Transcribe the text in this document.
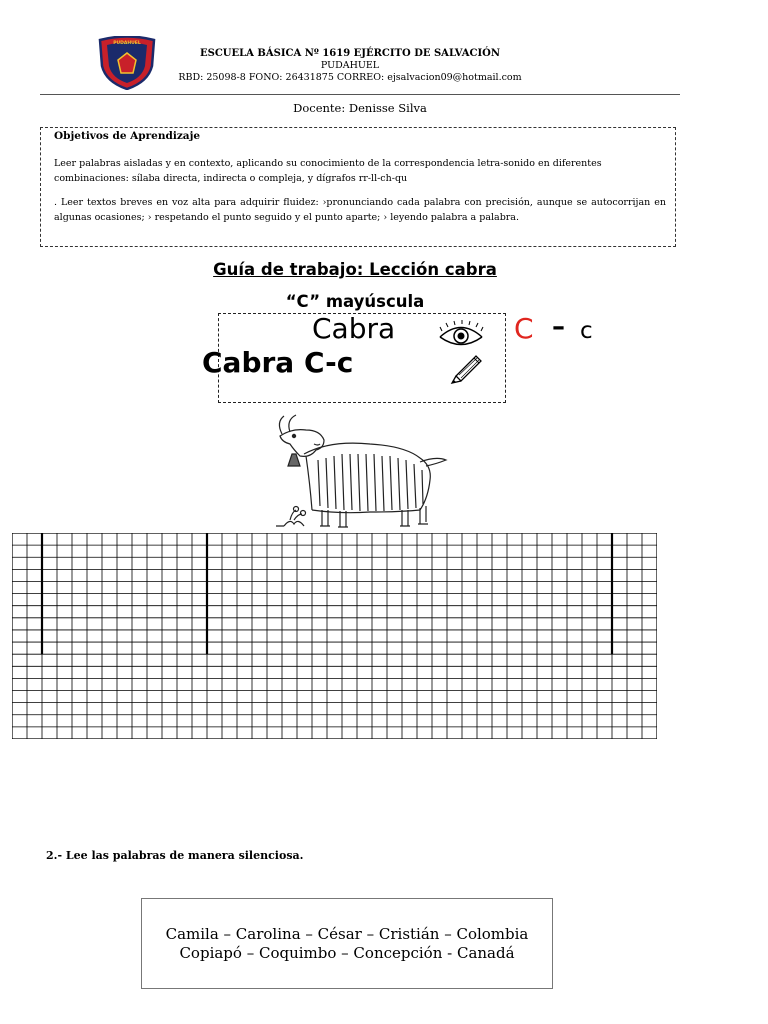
PUDAHUEL
ESCUELA BÁSICA Nº 1619 EJÉRCITO DE SALVACIÓN
PUDAHUEL
RBD: 25098-8 FONO: 26431875 CORREO: ejsalvacion09@hotmail.com
Docente: Denisse Silva
Objetivos de Aprendizaje
Leer palabras aisladas y en contexto, aplicando su conocimiento de la correspondencia letra-sonido en diferentes combinaciones: sílaba directa, indirecta o compleja, y dígrafos rr-ll-ch-qu
. Leer textos breves en voz alta para adquirir fluidez: ›pronunciando cada palabra con precisión, aunque se autocorrijan en algunas ocasiones; › respetando el punto seguido y el punto aparte; › leyendo palabra a palabra.
Guía de trabajo: Lección cabra
“C” mayúscula
Cabra
Cabra C-c
C – c
2.- Lee las palabras de manera silenciosa.
Camila – Carolina – César – Cristián – Colombia
Copiapó – Coquimbo – Concepción - Canadá
